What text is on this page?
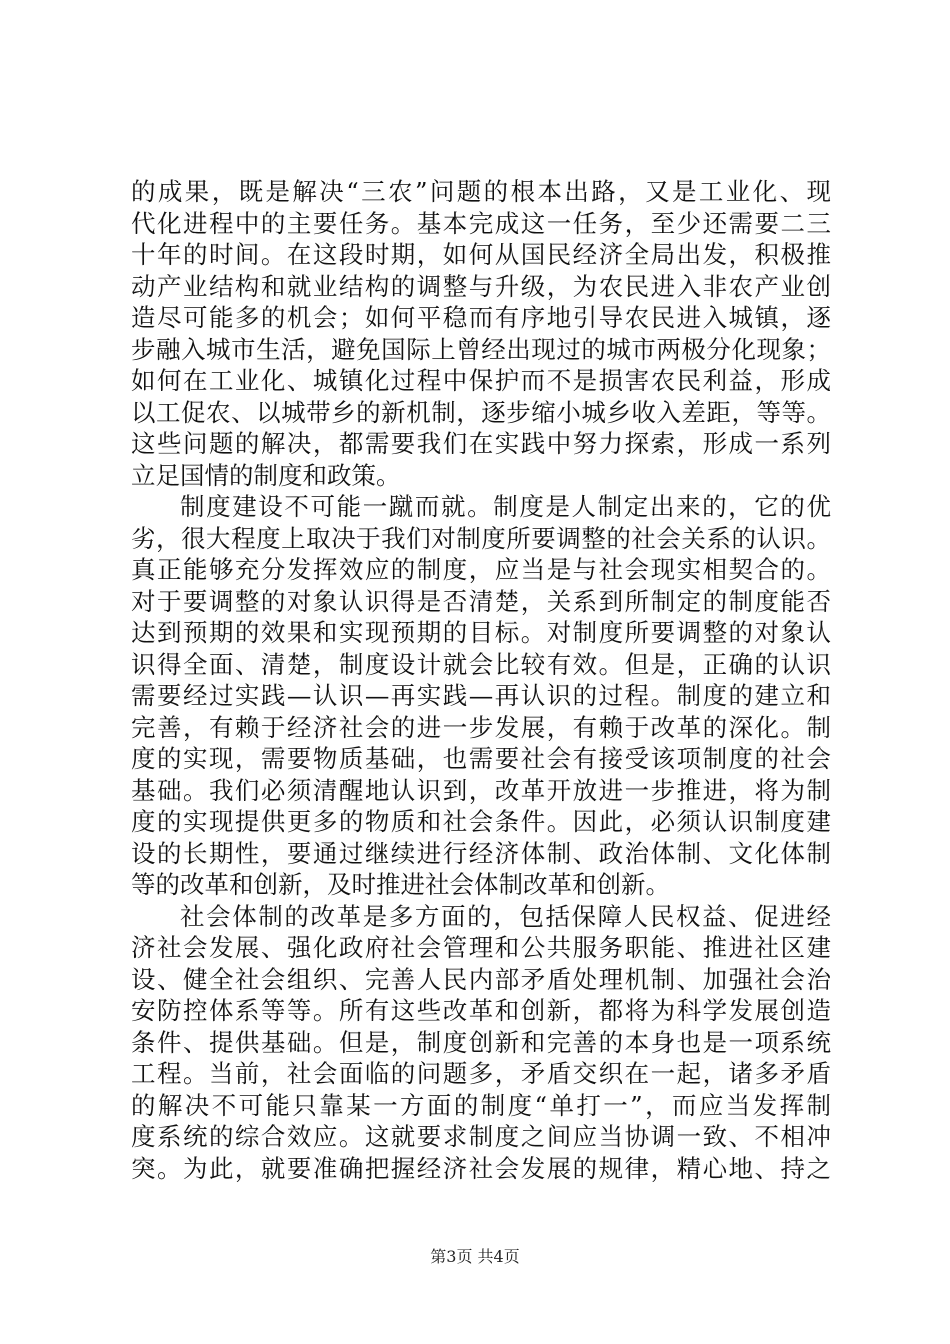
的成果，既是解决“三农”问题的根本出路，又是工业化、现
代化进程中的主要任务。基本完成这一任务，至少还需要二三
十年的时间。在这段时期，如何从国民经济全局出发，积极推
动产业结构和就业结构的调整与升级，为农民进入非农产业创
造尽可能多的机会；如何平稳而有序地引导农民进入城镇，逐
步融入城市生活，避免国际上曾经出现过的城市两极分化现象；
如何在工业化、城镇化过程中保护而不是损害农民利益，形成
以工促农、以城带乡的新机制，逐步缩小城乡收入差距，等等。
这些问题的解决，都需要我们在实践中努力探索，形成一系列
立足国情的制度和政策。
制度建设不可能一蹴而就。制度是人制定出来的，它的优
劣，很大程度上取决于我们对制度所要调整的社会关系的认识。
真正能够充分发挥效应的制度，应当是与社会现实相契合的。
对于要调整的对象认识得是否清楚，关系到所制定的制度能否
达到预期的效果和实现预期的目标。对制度所要调整的对象认
识得全面、清楚，制度设计就会比较有效。但是，正确的认识
需要经过实践—认识—再实践—再认识的过程。制度的建立和
完善，有赖于经济社会的进一步发展，有赖于改革的深化。制
度的实现，需要物质基础，也需要社会有接受该项制度的社会
基础。我们必须清醒地认识到，改革开放进一步推进，将为制
度的实现提供更多的物质和社会条件。因此，必须认识制度建
设的长期性，要通过继续进行经济体制、政治体制、文化体制
等的改革和创新，及时推进社会体制改革和创新。
社会体制的改革是多方面的，包括保障人民权益、促进经
济社会发展、强化政府社会管理和公共服务职能、推进社区建
设、健全社会组织、完善人民内部矛盾处理机制、加强社会治
安防控体系等等。所有这些改革和创新，都将为科学发展创造
条件、提供基础。但是，制度创新和完善的本身也是一项系统
工程。当前，社会面临的问题多，矛盾交织在一起，诸多矛盾
的解决不可能只靠某一方面的制度“单打一”，而应当发挥制
度系统的综合效应。这就要求制度之间应当协调一致、不相冲
突。为此，就要准确把握经济社会发展的规律，精心地、持之
第3页 共4页
